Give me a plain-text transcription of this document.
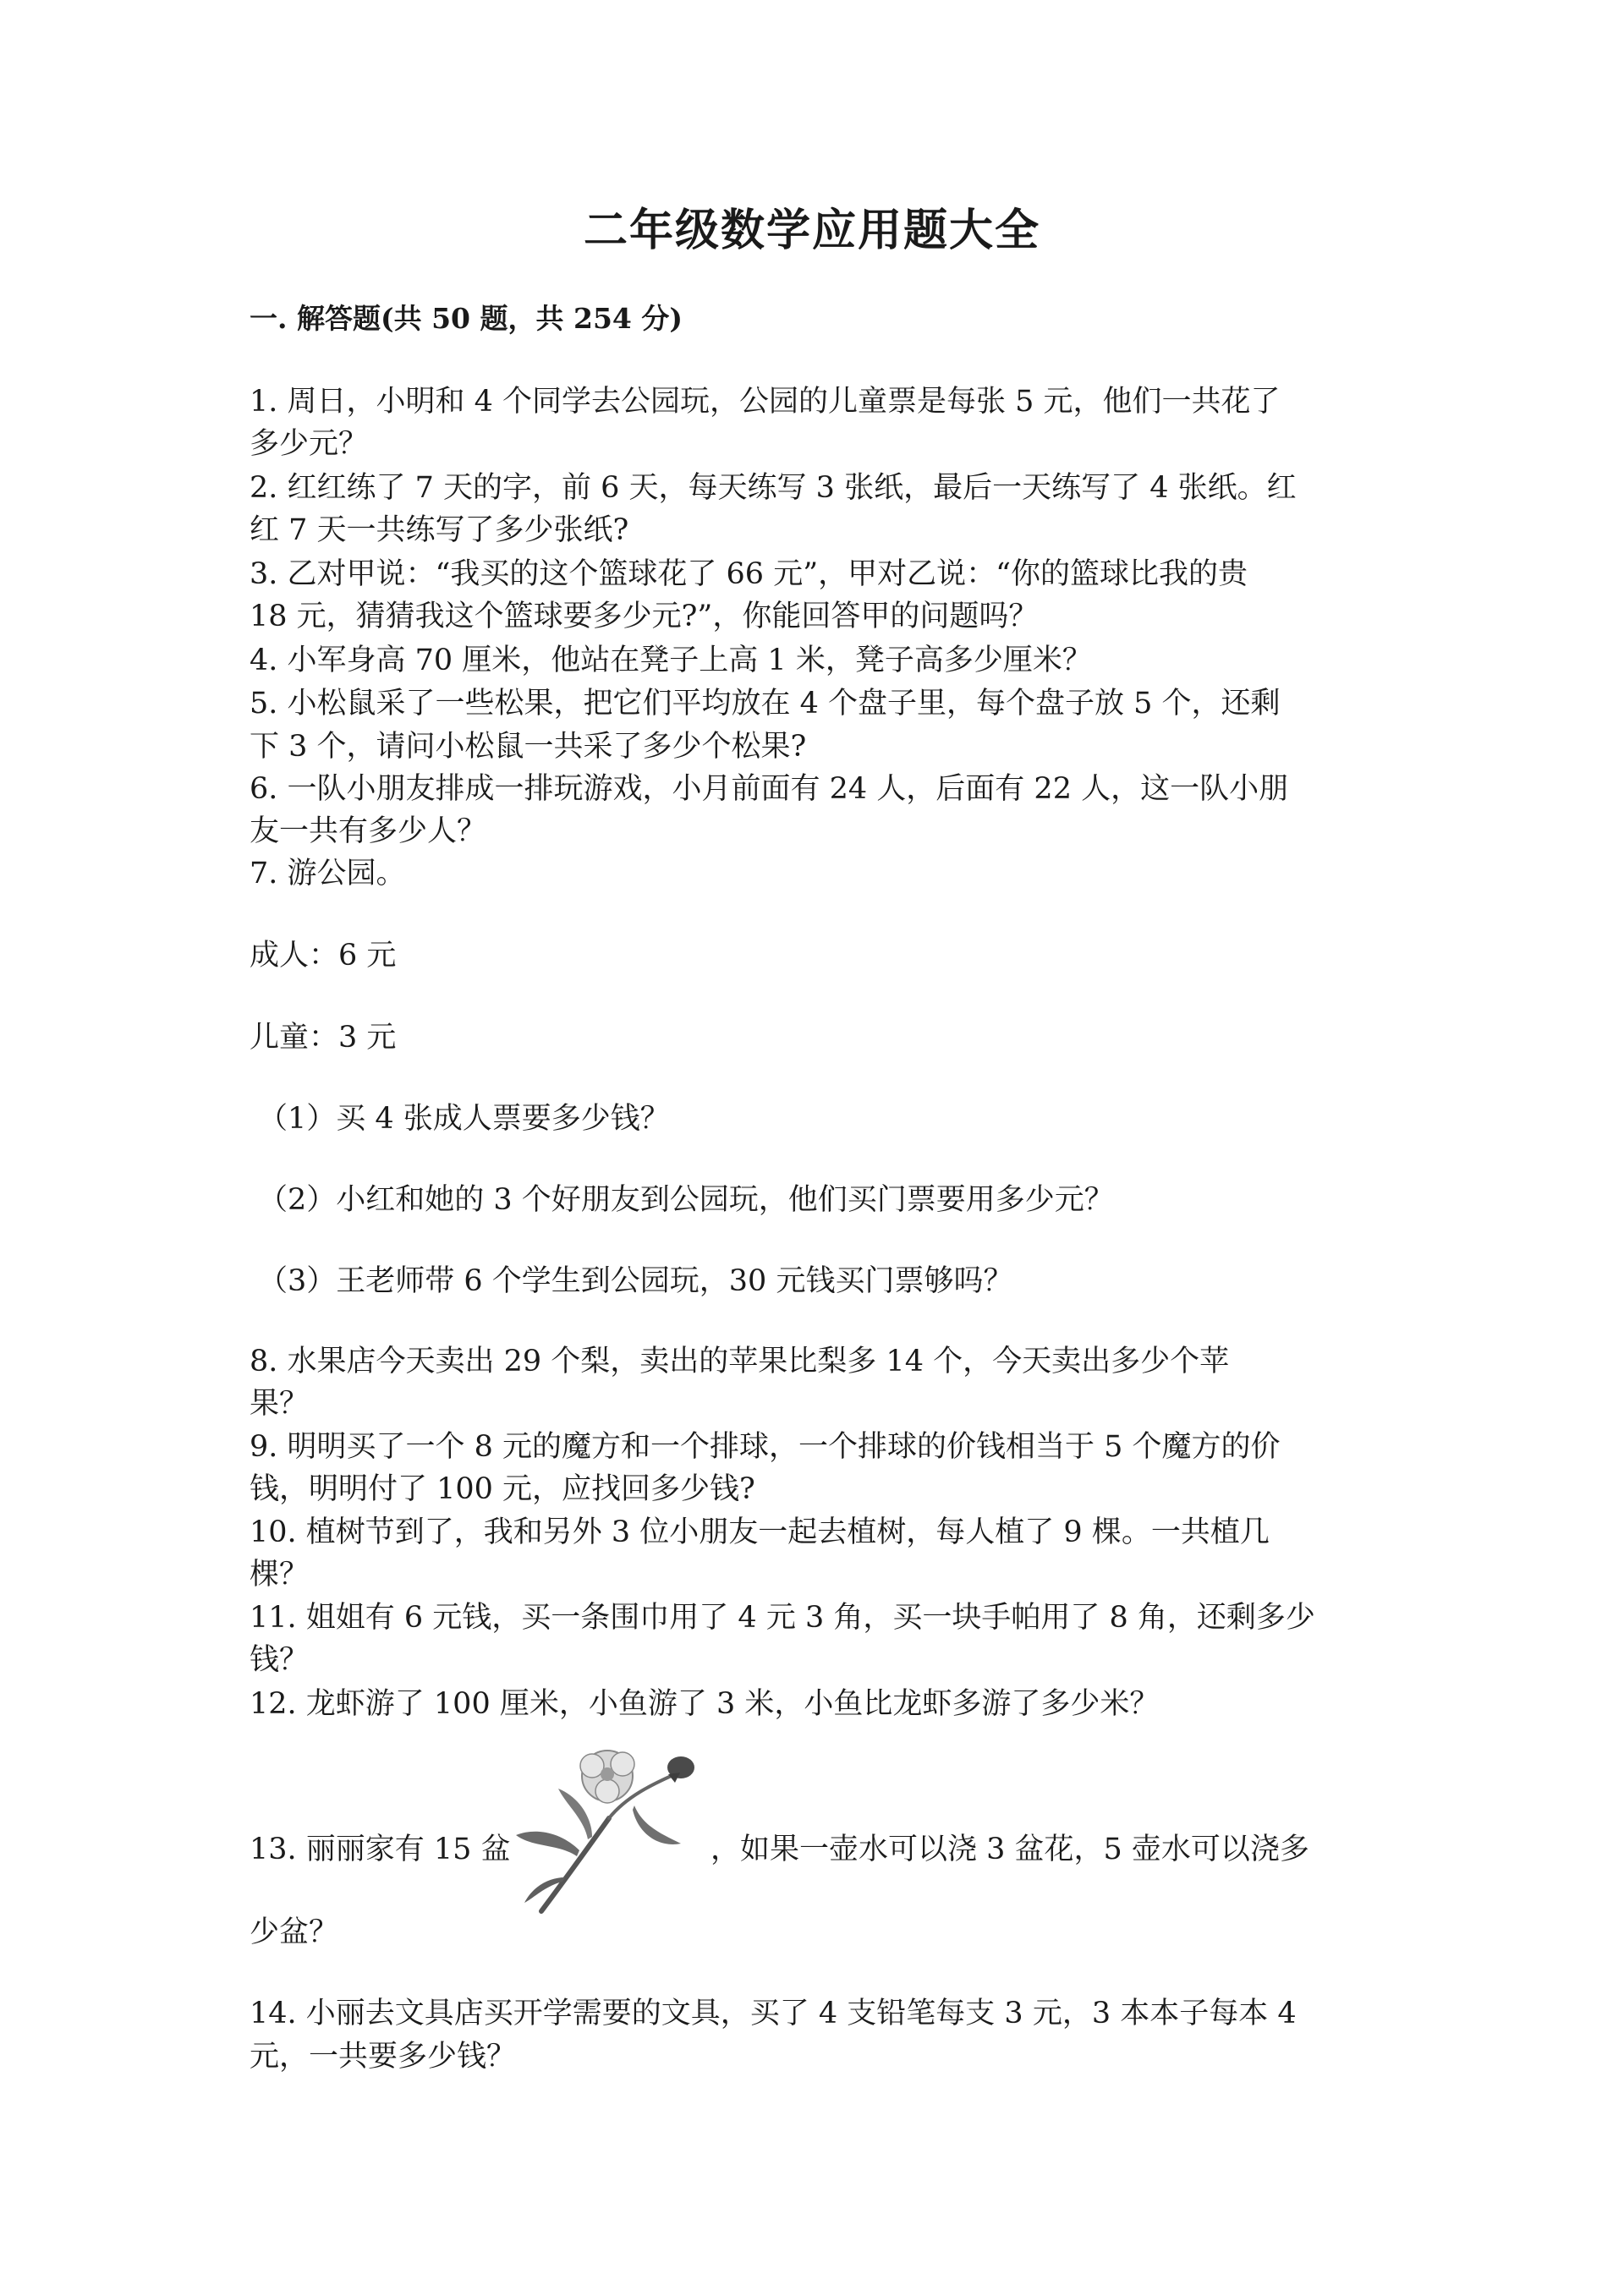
二年级数学应用题大全
一. 解答题(共 50 题，共 254 分)
1. 周日，小明和 4 个同学去公园玩，公园的儿童票是每张 5 元，他们一共花了
多少元？
2. 红红练了 7 天的字，前 6 天，每天练写 3 张纸，最后一天练写了 4 张纸。红
红 7 天一共练写了多少张纸?
3. 乙对甲说：“我买的这个篮球花了 66 元”，甲对乙说：“你的篮球比我的贵
18 元，猜猜我这个篮球要多少元?”，你能回答甲的问题吗？
4. 小军身高 70 厘米，他站在凳子上高 1 米，凳子高多少厘米？
5. 小松鼠采了一些松果，把它们平均放在 4 个盘子里，每个盘子放 5 个，还剩
下 3 个，请问小松鼠一共采了多少个松果?
6. 一队小朋友排成一排玩游戏，小月前面有 24 人，后面有 22 人，这一队小朋
友一共有多少人？
7. 游公园。
成人：6 元
儿童：3 元
（1）买 4 张成人票要多少钱？
（2）小红和她的 3 个好朋友到公园玩，他们买门票要用多少元？
（3）王老师带 6 个学生到公园玩，30 元钱买门票够吗？
8. 水果店今天卖出 29 个梨，卖出的苹果比梨多 14 个，今天卖出多少个苹
果？
9. 明明买了一个 8 元的魔方和一个排球，一个排球的价钱相当于 5 个魔方的价
钱，明明付了 100 元，应找回多少钱?
10. 植树节到了，我和另外 3 位小朋友一起去植树，每人植了 9 棵。一共植几
棵？
11. 姐姐有 6 元钱，买一条围巾用了 4 元 3 角，买一块手帕用了 8 角，还剩多少
钱？
12. 龙虾游了 100 厘米，小鱼游了 3 米，小鱼比龙虾多游了多少米？
13. 丽丽家有 15 盆	，如果一壶水可以浇 3 盆花，5 壶水可以浇多
少盆？
14. 小丽去文具店买开学需要的文具，买了 4 支铅笔每支 3 元，3 本本子每本 4
元，一共要多少钱？
